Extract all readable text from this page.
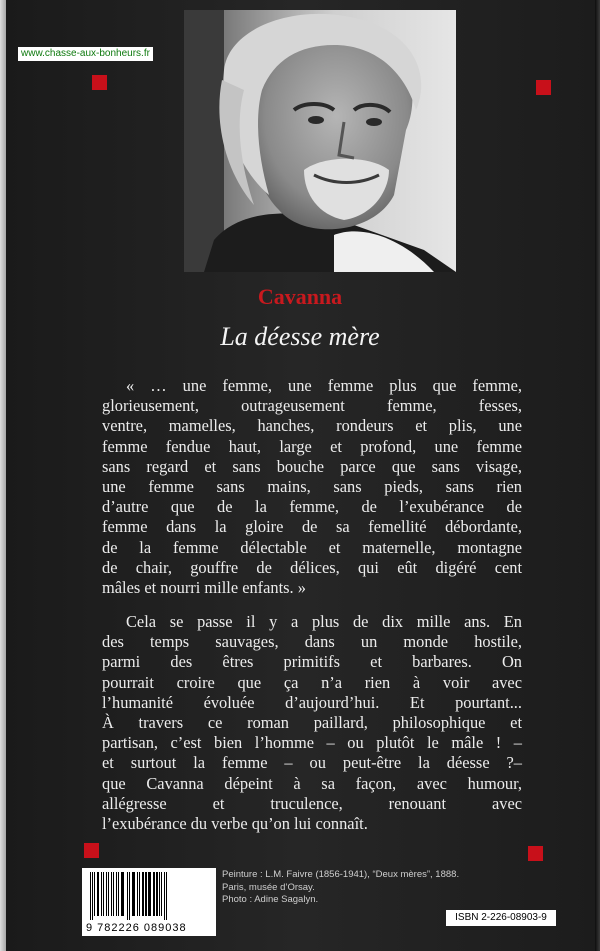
www.chasse-aux-bonheurs.fr
Cavanna
La déesse mère
« … une femme, une femme plus que femme,
glorieusement, outrageusement femme, fesses,
ventre, mamelles, hanches, rondeurs et plis, une
femme fendue haut, large et profond, une femme
sans regard et sans bouche parce que sans visage,
une femme sans mains, sans pieds, sans rien
d’autre que de la femme, de l’exubérance de
femme dans la gloire de sa femellité débordante,
de la femme délectable et maternelle, montagne
de chair, gouffre de délices, qui eût digéré cent
mâles et nourri mille enfants. »
Cela se passe il y a plus de dix mille ans. En
des temps sauvages, dans un monde hostile,
parmi des êtres primitifs et barbares. On
pourrait croire que ça n’a rien à voir avec
l’humanité évoluée d’aujourd’hui. Et pourtant...
À travers ce roman paillard, philosophique et
partisan, c’est bien l’homme – ou plutôt le mâle ! –
et surtout la femme – ou peut-être la déesse ?–
que Cavanna dépeint à sa façon, avec humour,
allégresse et truculence, renouant avec
l’exubérance du verbe qu’on lui connaît.
9 782226 089038
Peinture : L.M. Faivre (1856-1941), “Deux mères”, 1888.
Paris, musée d’Orsay.
Photo : Adine Sagalyn.
ISBN 2-226-08903-9
